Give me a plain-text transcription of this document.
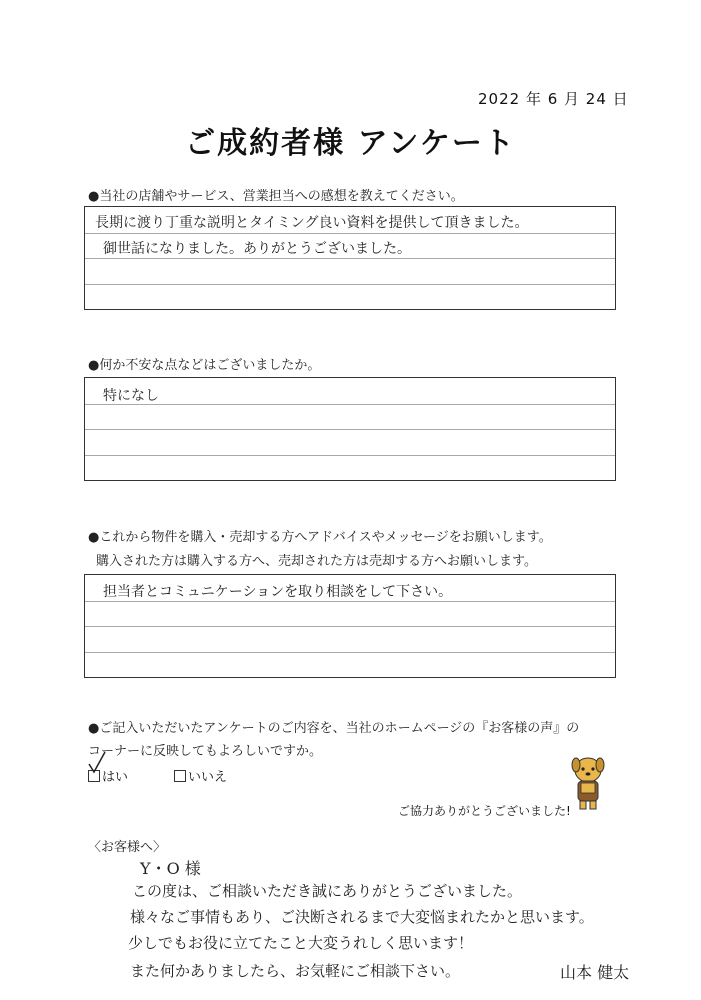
2022 年 6 月 24 日
ご成約者様 アンケート
●当社の店舗やサービス、営業担当への感想を教えてください。
長期に渡り丁重な説明とタイミング良い資料を提供して頂きました。
御世話になりました。ありがとうございました。
●何か不安な点などはございましたか。
特になし
●これから物件を購入・売却する方へアドバイスやメッセージをお願いします。
購入された方は購入する方へ、売却された方は売却する方へお願いします。
担当者とコミュニケーションを取り相談をして下さい。
●ご記入いただいたアンケートのご内容を、当社のホームページの『お客様の声』の
コーナーに反映してもよろしいですか。
はい	いいえ
ご協力ありがとうございました!
〈お客様へ〉
Y・O 様
この度は、ご相談いただき誠にありがとうございました。
様々なご事情もあり、ご決断されるまで大変悩まれたかと思います。
少しでもお役に立てたこと大変うれしく思います！
また何かありましたら、お気軽にご相談下さい。	山本 健太
